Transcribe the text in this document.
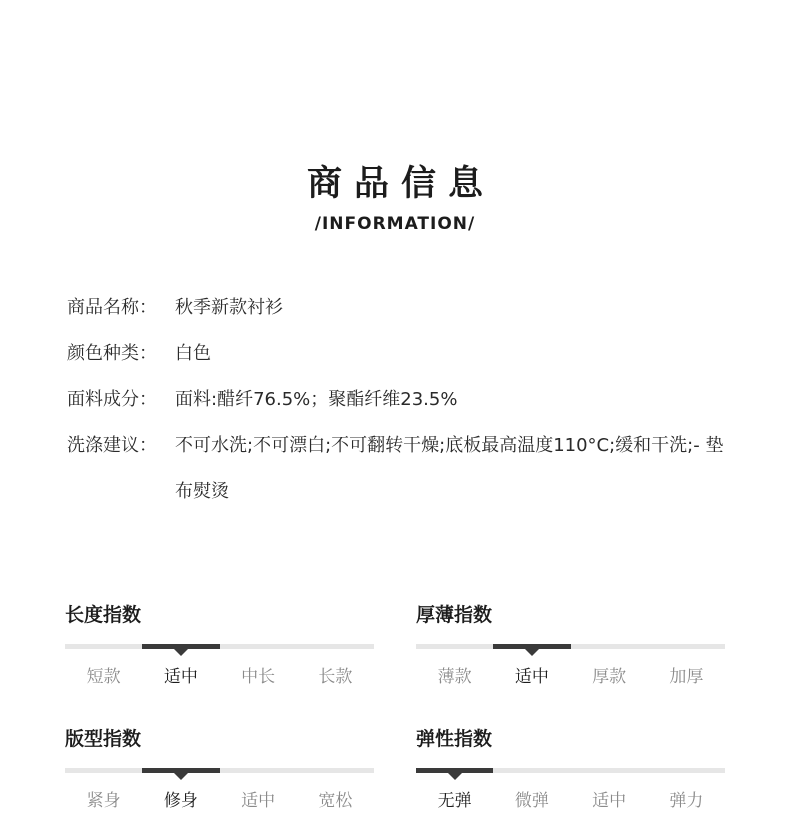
商品信息
/INFORMATION/
商品名称：	秋季新款衬衫
颜色种类：	白色
面料成分：	面料:醋纤76.5%；聚酯纤维23.5%
洗涤建议：	不可水洗;不可漂白;不可翻转干燥;底板最高温度110°C;缓和干洗;- 垫布熨烫
长度指数
短款	适中	中长	长款
厚薄指数
薄款	适中	厚款	加厚
版型指数
紧身	修身	适中	宽松
弹性指数
无弹	微弹	适中	弹力
